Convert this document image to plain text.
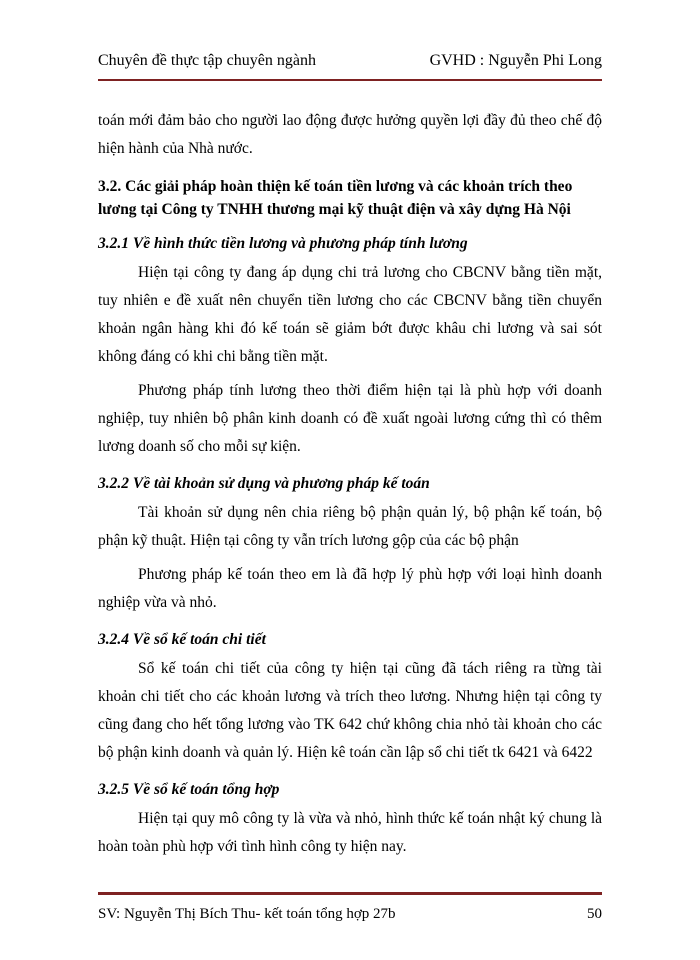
Chuyên đề thực tập chuyên ngành	GVHD : Nguyễn Phi Long

toán mới đảm bảo cho người lao động được hưởng quyền lợi đầy đủ theo chế độ hiện hành của Nhà nước.

3.2. Các giải pháp hoàn thiện kế toán tiền lương và các khoản trích theo lương tại Công ty TNHH thương mại kỹ thuật điện và xây dựng Hà Nội
3.2.1 Về hình thức tiền lương và phương pháp tính lương

Hiện tại công ty đang áp dụng chi trả lương cho CBCNV bằng tiền mặt, tuy nhiên e đề xuất nên chuyển tiền lương cho các CBCNV bằng tiền chuyển khoản ngân hàng khi đó kế toán sẽ giảm bớt được khâu chi lương và sai sót không đáng có khi chi bằng tiền mặt.

Phương pháp tính lương theo thời điểm hiện tại là phù hợp với doanh nghiệp, tuy nhiên bộ phân kinh doanh có đề xuất ngoài lương cứng thì có thêm lương doanh số cho mỗi sự kiện.

3.2.2 Về tài khoản sử dụng và phương pháp kế toán

Tài khoản sử dụng nên chia riêng bộ phận quản lý, bộ phận kế toán, bộ phận kỹ thuật. Hiện tại công ty vẫn trích lương gộp của các bộ phận

Phương pháp kế toán theo em là đã hợp lý phù hợp với loại hình doanh nghiệp vừa và nhỏ.

3.2.4 Về sổ kế toán chi tiết

Sổ kế toán chi tiết của công ty hiện tại cũng đã tách riêng ra từng tài khoản chi tiết cho các khoản lương và trích theo lương. Nhưng hiện tại công ty cũng đang cho hết tổng lương vào TK 642 chứ không chia nhỏ tài khoản cho các bộ phận kinh doanh và quản lý. Hiện kê toán cần lập sổ chi tiết tk 6421 và 6422

3.2.5 Về sổ kế toán tổng hợp

Hiện tại quy mô công ty là vừa và nhỏ, hình thức kế toán nhật ký chung là hoàn toàn phù hợp với tình hình công ty hiện nay.

SV: Nguyễn Thị Bích Thu- kết toán tổng hợp 27b	50
